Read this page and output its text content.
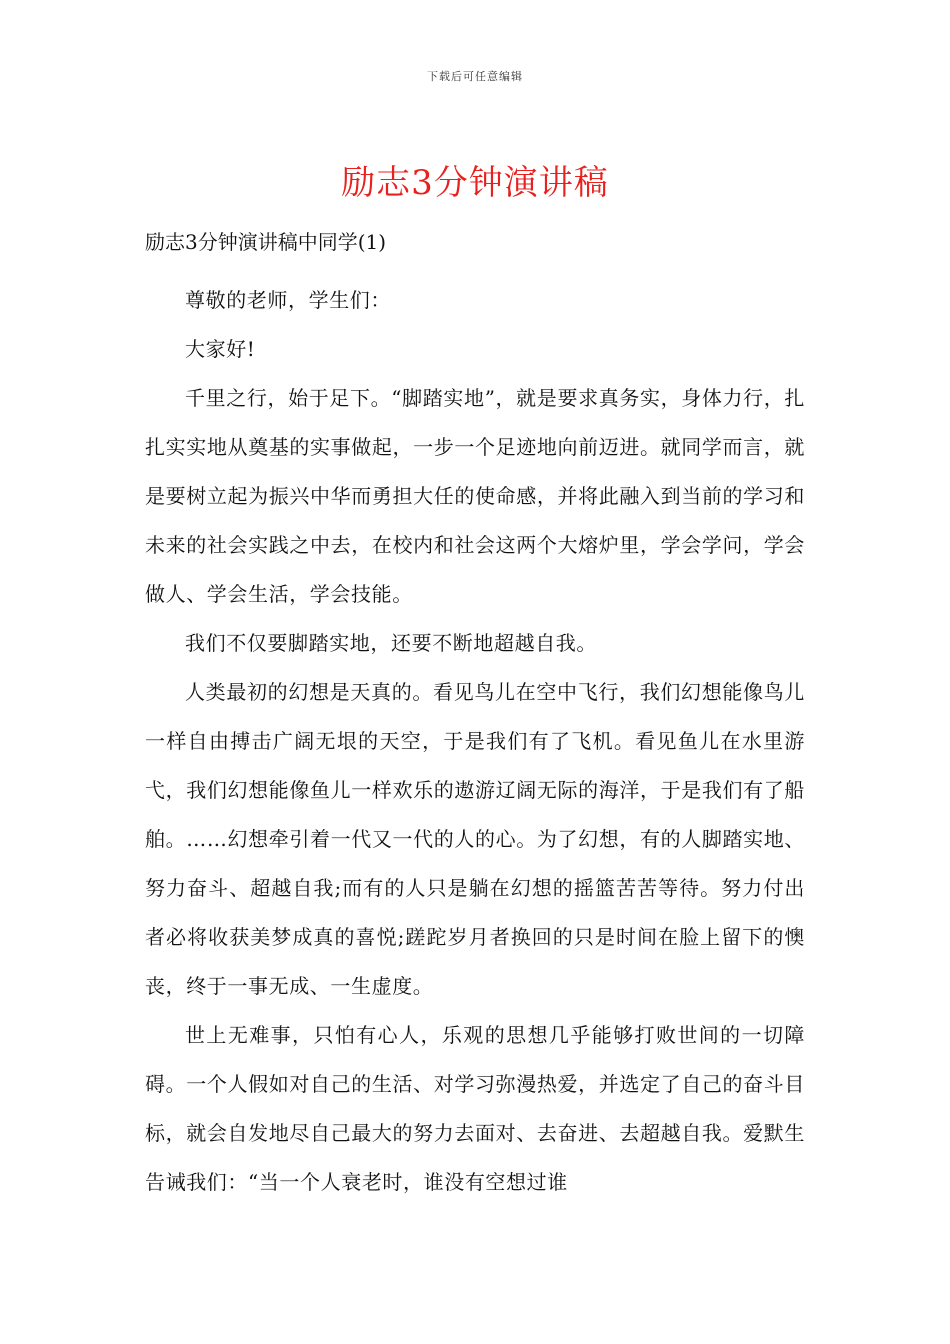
下载后可任意编辑
励志3分钟演讲稿

励志3分钟演讲稿中同学(1)

尊敬的老师，学生们：

大家好!

千里之行，始于足下。“脚踏实地”，就是要求真务实，身体力行，扎扎实实地从奠基的实事做起，一步一个足迹地向前迈进。就同学而言，就是要树立起为振兴中华而勇担大任的使命感，并将此融入到当前的学习和未来的社会实践之中去，在校内和社会这两个大熔炉里，学会学问，学会做人、学会生活，学会技能。

我们不仅要脚踏实地，还要不断地超越自我。

人类最初的幻想是天真的。看见鸟儿在空中飞行，我们幻想能像鸟儿一样自由搏击广阔无垠的天空，于是我们有了飞机。看见鱼儿在水里游弋，我们幻想能像鱼儿一样欢乐的遨游辽阔无际的海洋，于是我们有了船舶。……幻想牵引着一代又一代的人的心。为了幻想，有的人脚踏实地、努力奋斗、超越自我;而有的人只是躺在幻想的摇篮苦苦等待。努力付出者必将收获美梦成真的喜悦;蹉跎岁月者换回的只是时间在脸上留下的懊丧，终于一事无成、一生虚度。

世上无难事，只怕有心人，乐观的思想几乎能够打败世间的一切障碍。一个人假如对自己的生活、对学习弥漫热爱，并选定了自己的奋斗目标，就会自发地尽自己最大的努力去面对、去奋进、去超越自我。爱默生告诫我们：“当一个人衰老时，谁没有空想过谁
